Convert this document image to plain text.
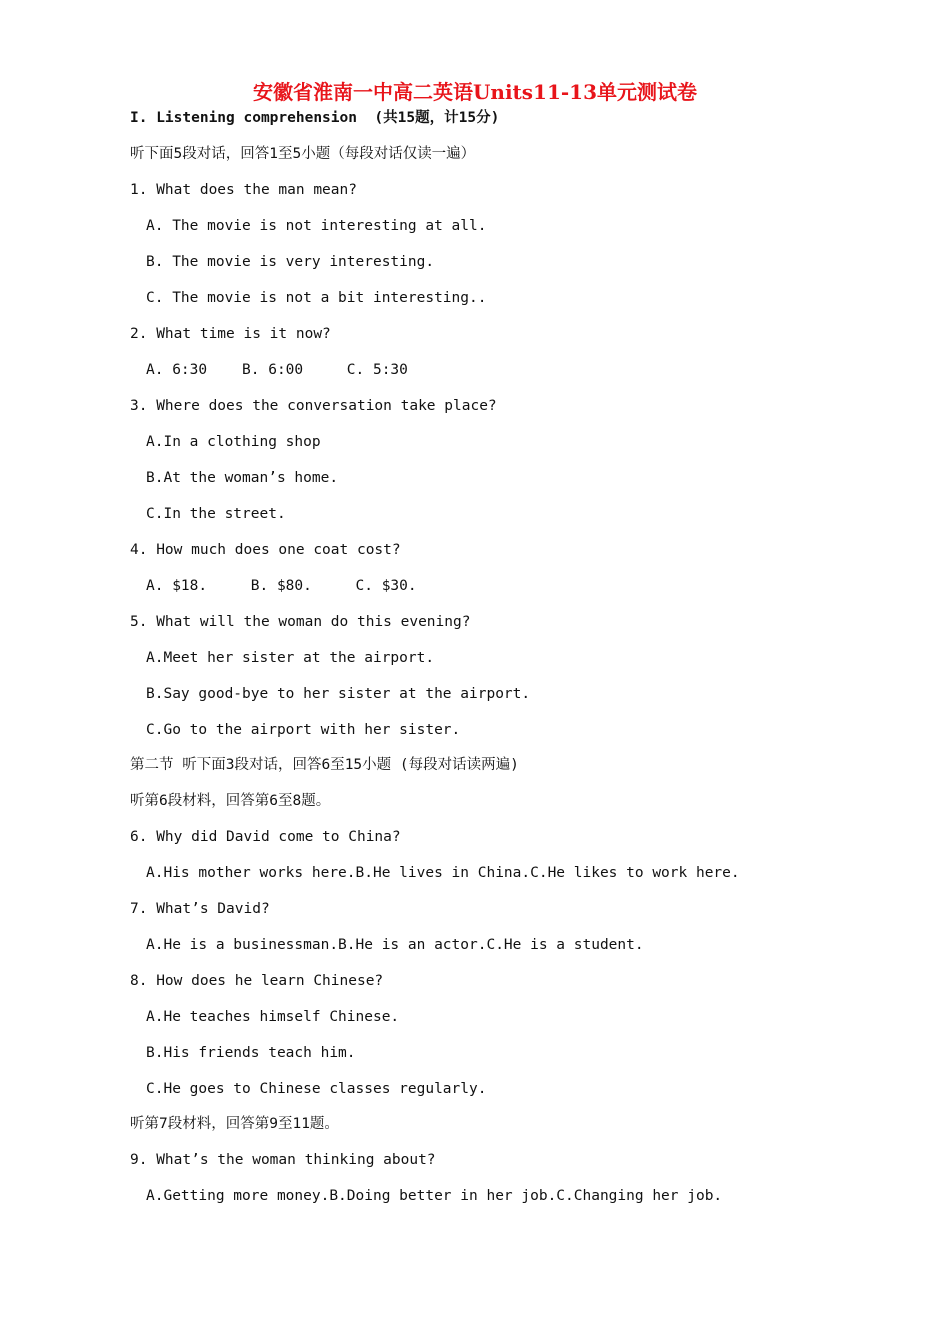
安徽省淮南一中高二英语Units11-13单元测试卷
I. Listening comprehension  (共15题，计15分)
听下面5段对话，回答1至5小题（每段对话仅读一遍）
1. What does the man mean?
A. The movie is not interesting at all.
B. The movie is very interesting.
C. The movie is not a bit interesting..
2. What time is it now?
A. 6:30    B. 6:00     C. 5:30
3. Where does the conversation take place?
A.In a clothing shop
B.At the woman’s home.
C.In the street.
4. How much does one coat cost?
A. $18.     B. $80.     C. $30.
5. What will the woman do this evening?
A.Meet her sister at the airport.
B.Say good-bye to her sister at the airport.
C.Go to the airport with her sister.
第二节 听下面3段对话，回答6至15小题 (每段对话读两遍)
听第6段材料，回答第6至8题。
6. Why did David come to China?
A.His mother works here.B.He lives in China.C.He likes to work here.
7. What’s David?
A.He is a businessman.B.He is an actor.C.He is a student.
8. How does he learn Chinese?
A.He teaches himself Chinese.
B.His friends teach him.
C.He goes to Chinese classes regularly.
听第7段材料，回答第9至11题。
9. What’s the woman thinking about?
A.Getting more money.B.Doing better in her job.C.Changing her job.
